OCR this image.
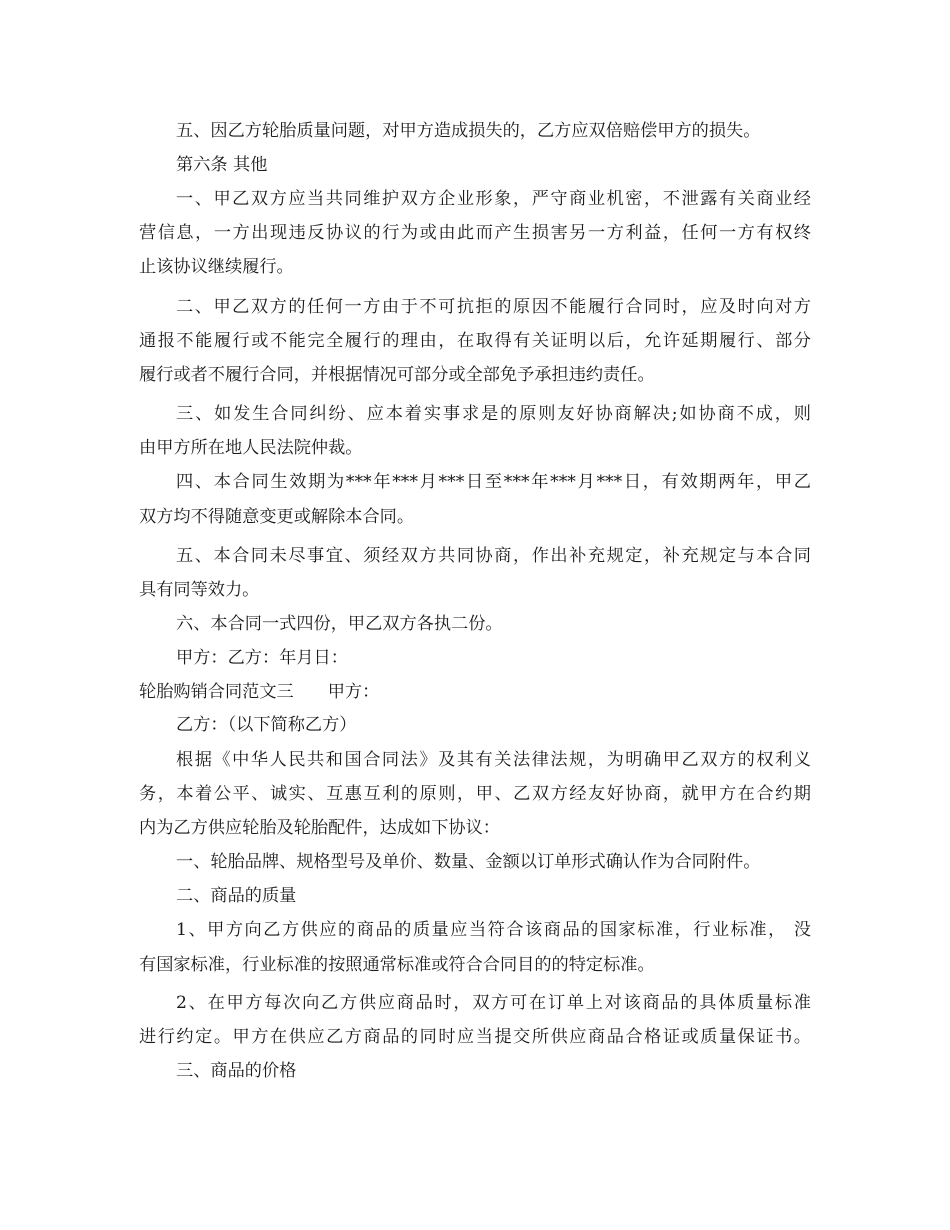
五、因乙方轮胎质量问题，对甲方造成损失的，乙方应双倍赔偿甲方的损失。
第六条 其他
一、甲乙双方应当共同维护双方企业形象，严守商业机密，不泄露有关商业经
营信息，一方出现违反协议的行为或由此而产生损害另一方利益，任何一方有权终
止该协议继续履行。
二、甲乙双方的任何一方由于不可抗拒的原因不能履行合同时，应及时向对方
通报不能履行或不能完全履行的理由，在取得有关证明以后，允许延期履行、部分
履行或者不履行合同，并根据情况可部分或全部免予承担违约责任。
三、如发生合同纠纷、应本着实事求是的原则友好协商解决;如协商不成，则
由甲方所在地人民法院仲裁。
四、本合同生效期为***年***月***日至***年***月***日，有效期两年，甲乙
双方均不得随意变更或解除本合同。
五、本合同未尽事宜、须经双方共同协商，作出补充规定，补充规定与本合同
具有同等效力。
六、本合同一式四份，甲乙双方各执二份。
甲方：乙方：年月日：
轮胎购销合同范文三 甲方：
乙方：（以下简称乙方）
根据《中华人民共和国合同法》及其有关法律法规，为明确甲乙双方的权利义
务，本着公平、诚实、互惠互利的原则，甲、乙双方经友好协商，就甲方在合约期
内为乙方供应轮胎及轮胎配件，达成如下协议：
一、轮胎品牌、规格型号及单价、数量、金额以订单形式确认作为合同附件。
二、商品的质量
1、甲方向乙方供应的商品的质量应当符合该商品的国家标准，行业标准， 没
有国家标准，行业标准的按照通常标准或符合合同目的的特定标准。
2、在甲方每次向乙方供应商品时，双方可在订单上对该商品的具体质量标准
进行约定。甲方在供应乙方商品的同时应当提交所供应商品合格证或质量保证书。
三、商品的价格
